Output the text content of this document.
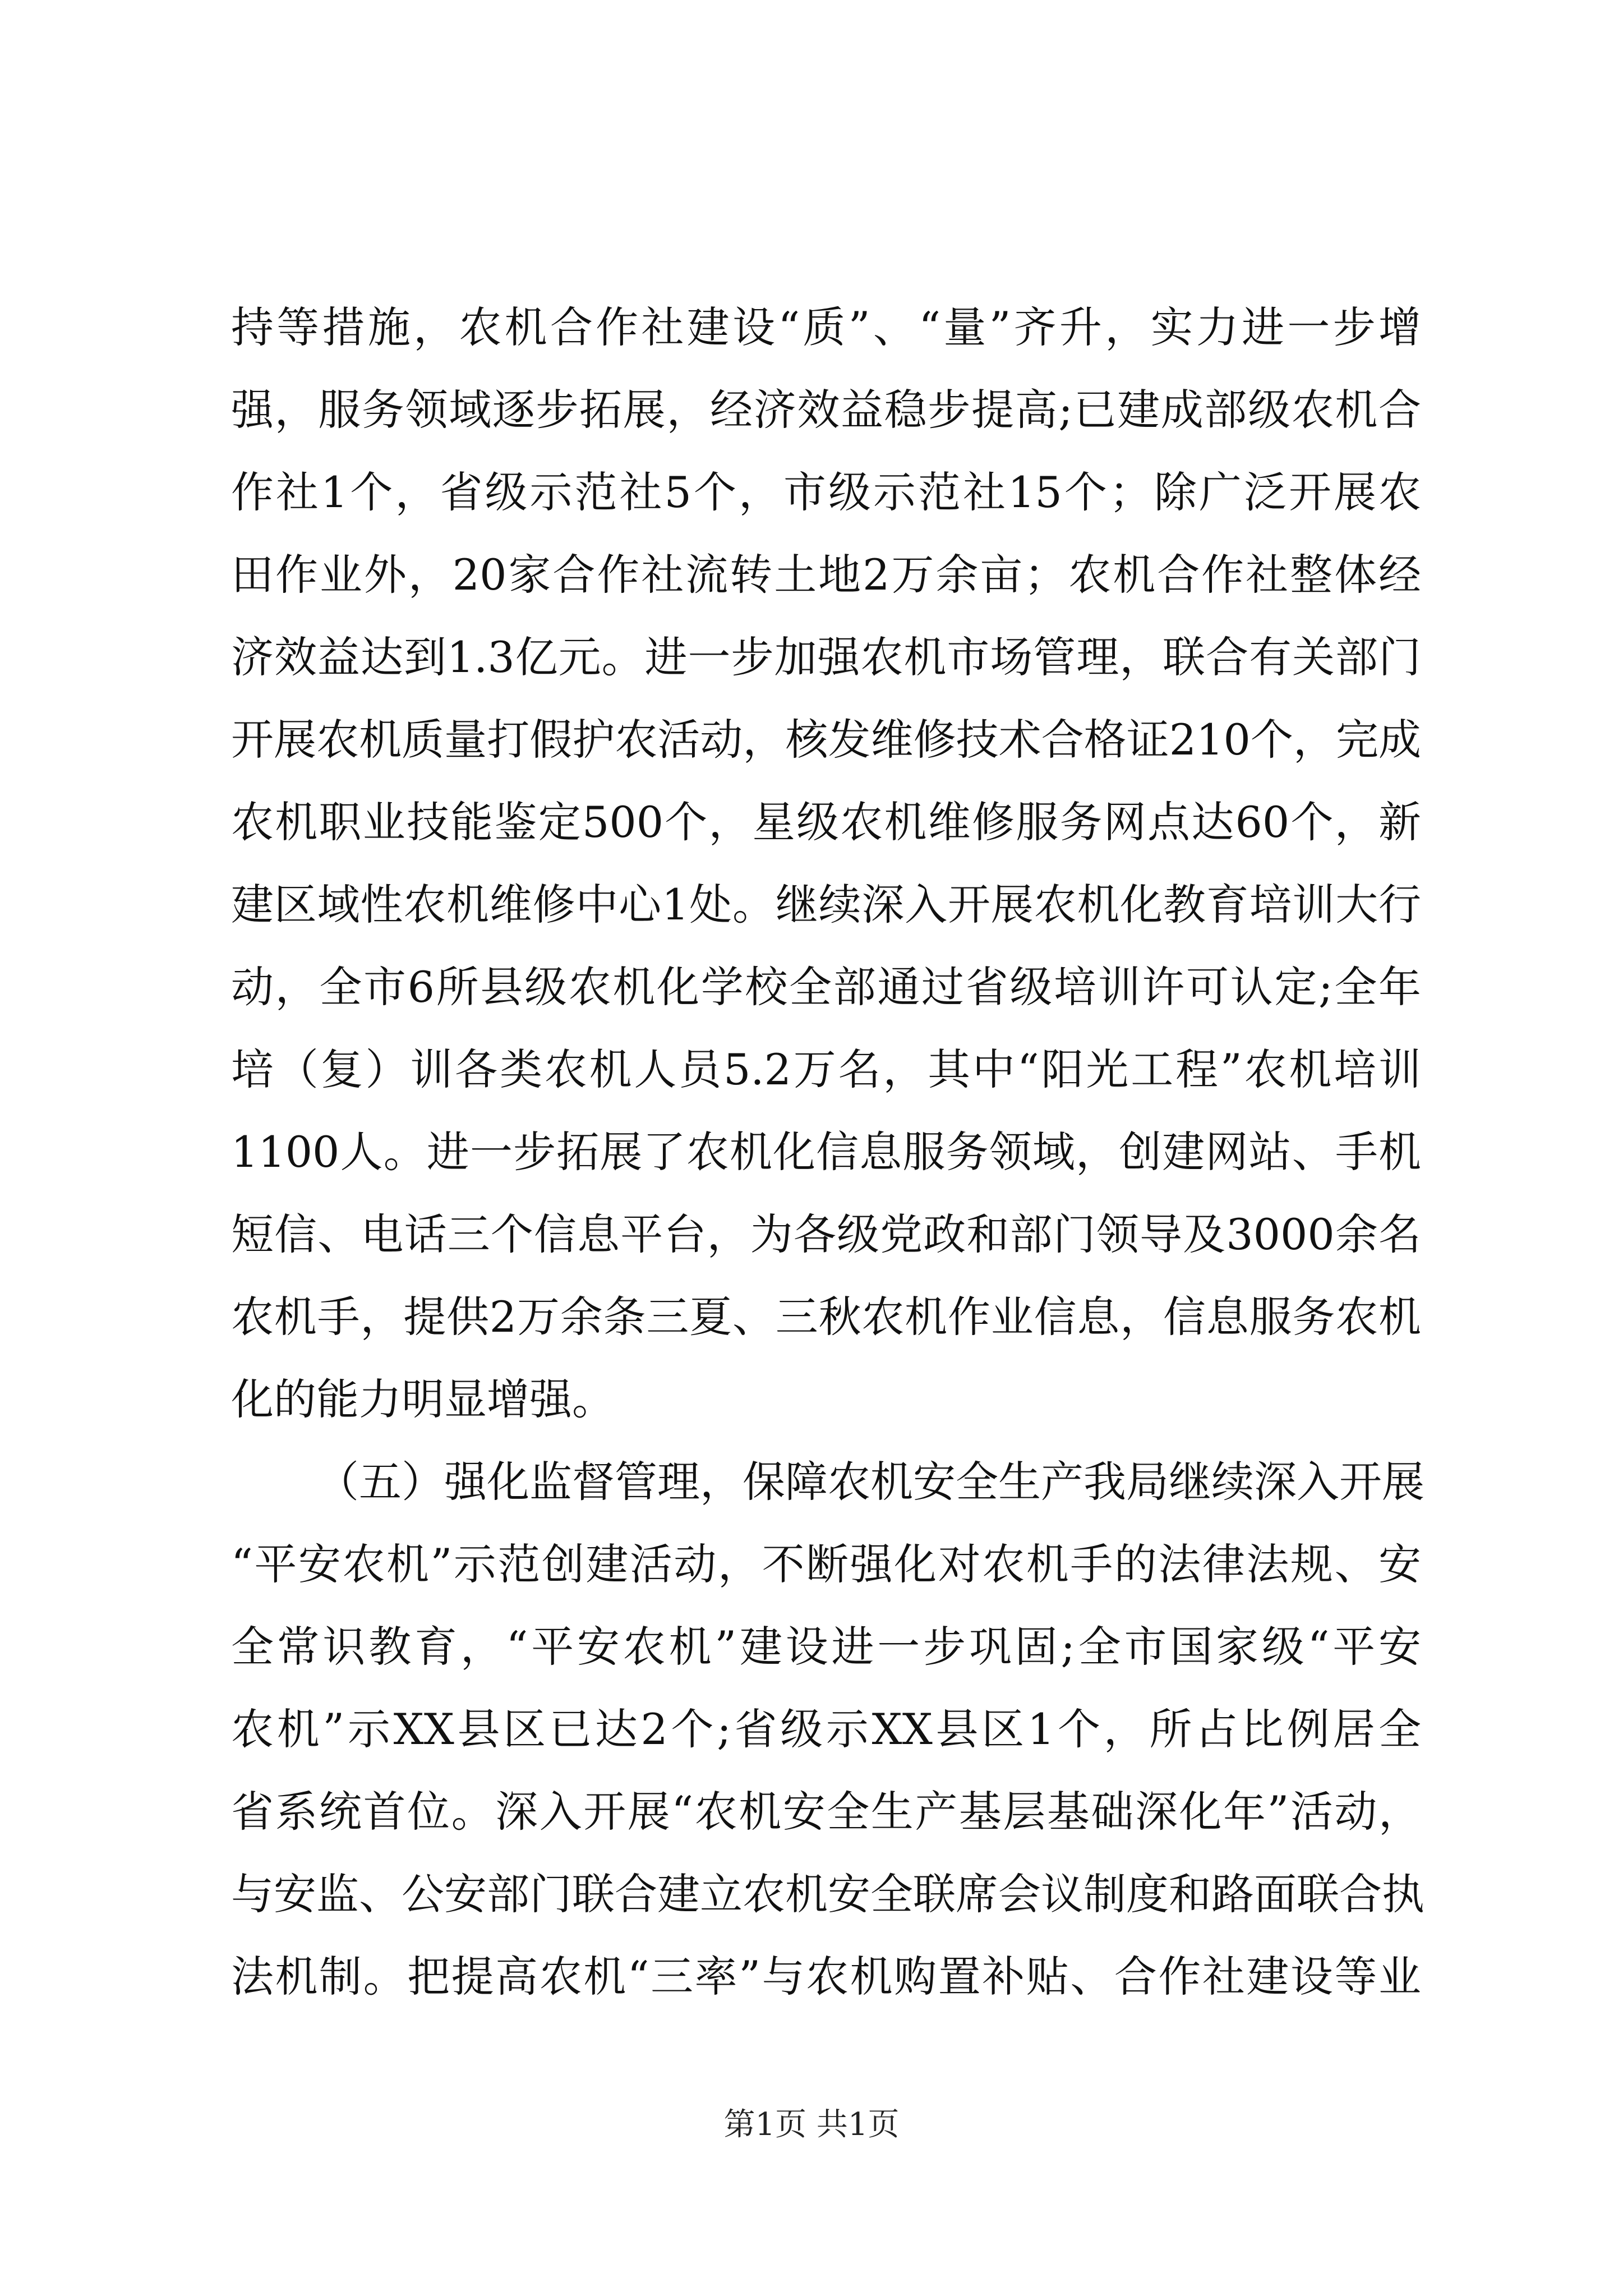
持等措施，农机合作社建设“质”、“量”齐升，实力进一步增
强，服务领域逐步拓展，经济效益稳步提高;已建成部级农机合
作社1个，省级示范社5个，市级示范社15个；除广泛开展农
田作业外，20家合作社流转土地2万余亩；农机合作社整体经
济效益达到1.3亿元。进一步加强农机市场管理，联合有关部门
开展农机质量打假护农活动，核发维修技术合格证210个，完成
农机职业技能鉴定500个，星级农机维修服务网点达60个，新
建区域性农机维修中心1处。继续深入开展农机化教育培训大行
动，全市6所县级农机化学校全部通过省级培训许可认定;全年
培（复）训各类农机人员5.2万名，其中“阳光工程”农机培训
1100人。进一步拓展了农机化信息服务领域，创建网站、手机
短信、电话三个信息平台，为各级党政和部门领导及3000余名
农机手，提供2万余条三夏、三秋农机作业信息，信息服务农机
化的能力明显增强。
（五）强化监督管理，保障农机安全生产我局继续深入开展
“平安农机”示范创建活动，不断强化对农机手的法律法规、安
全常识教育，“平安农机”建设进一步巩固;全市国家级“平安
农机”示XX县区已达2个;省级示XX县区1个，所占比例居全
省系统首位。深入开展“农机安全生产基层基础深化年”活动，
与安监、公安部门联合建立农机安全联席会议制度和路面联合执
法机制。把提高农机“三率”与农机购置补贴、合作社建设等业
第1页 共1页
